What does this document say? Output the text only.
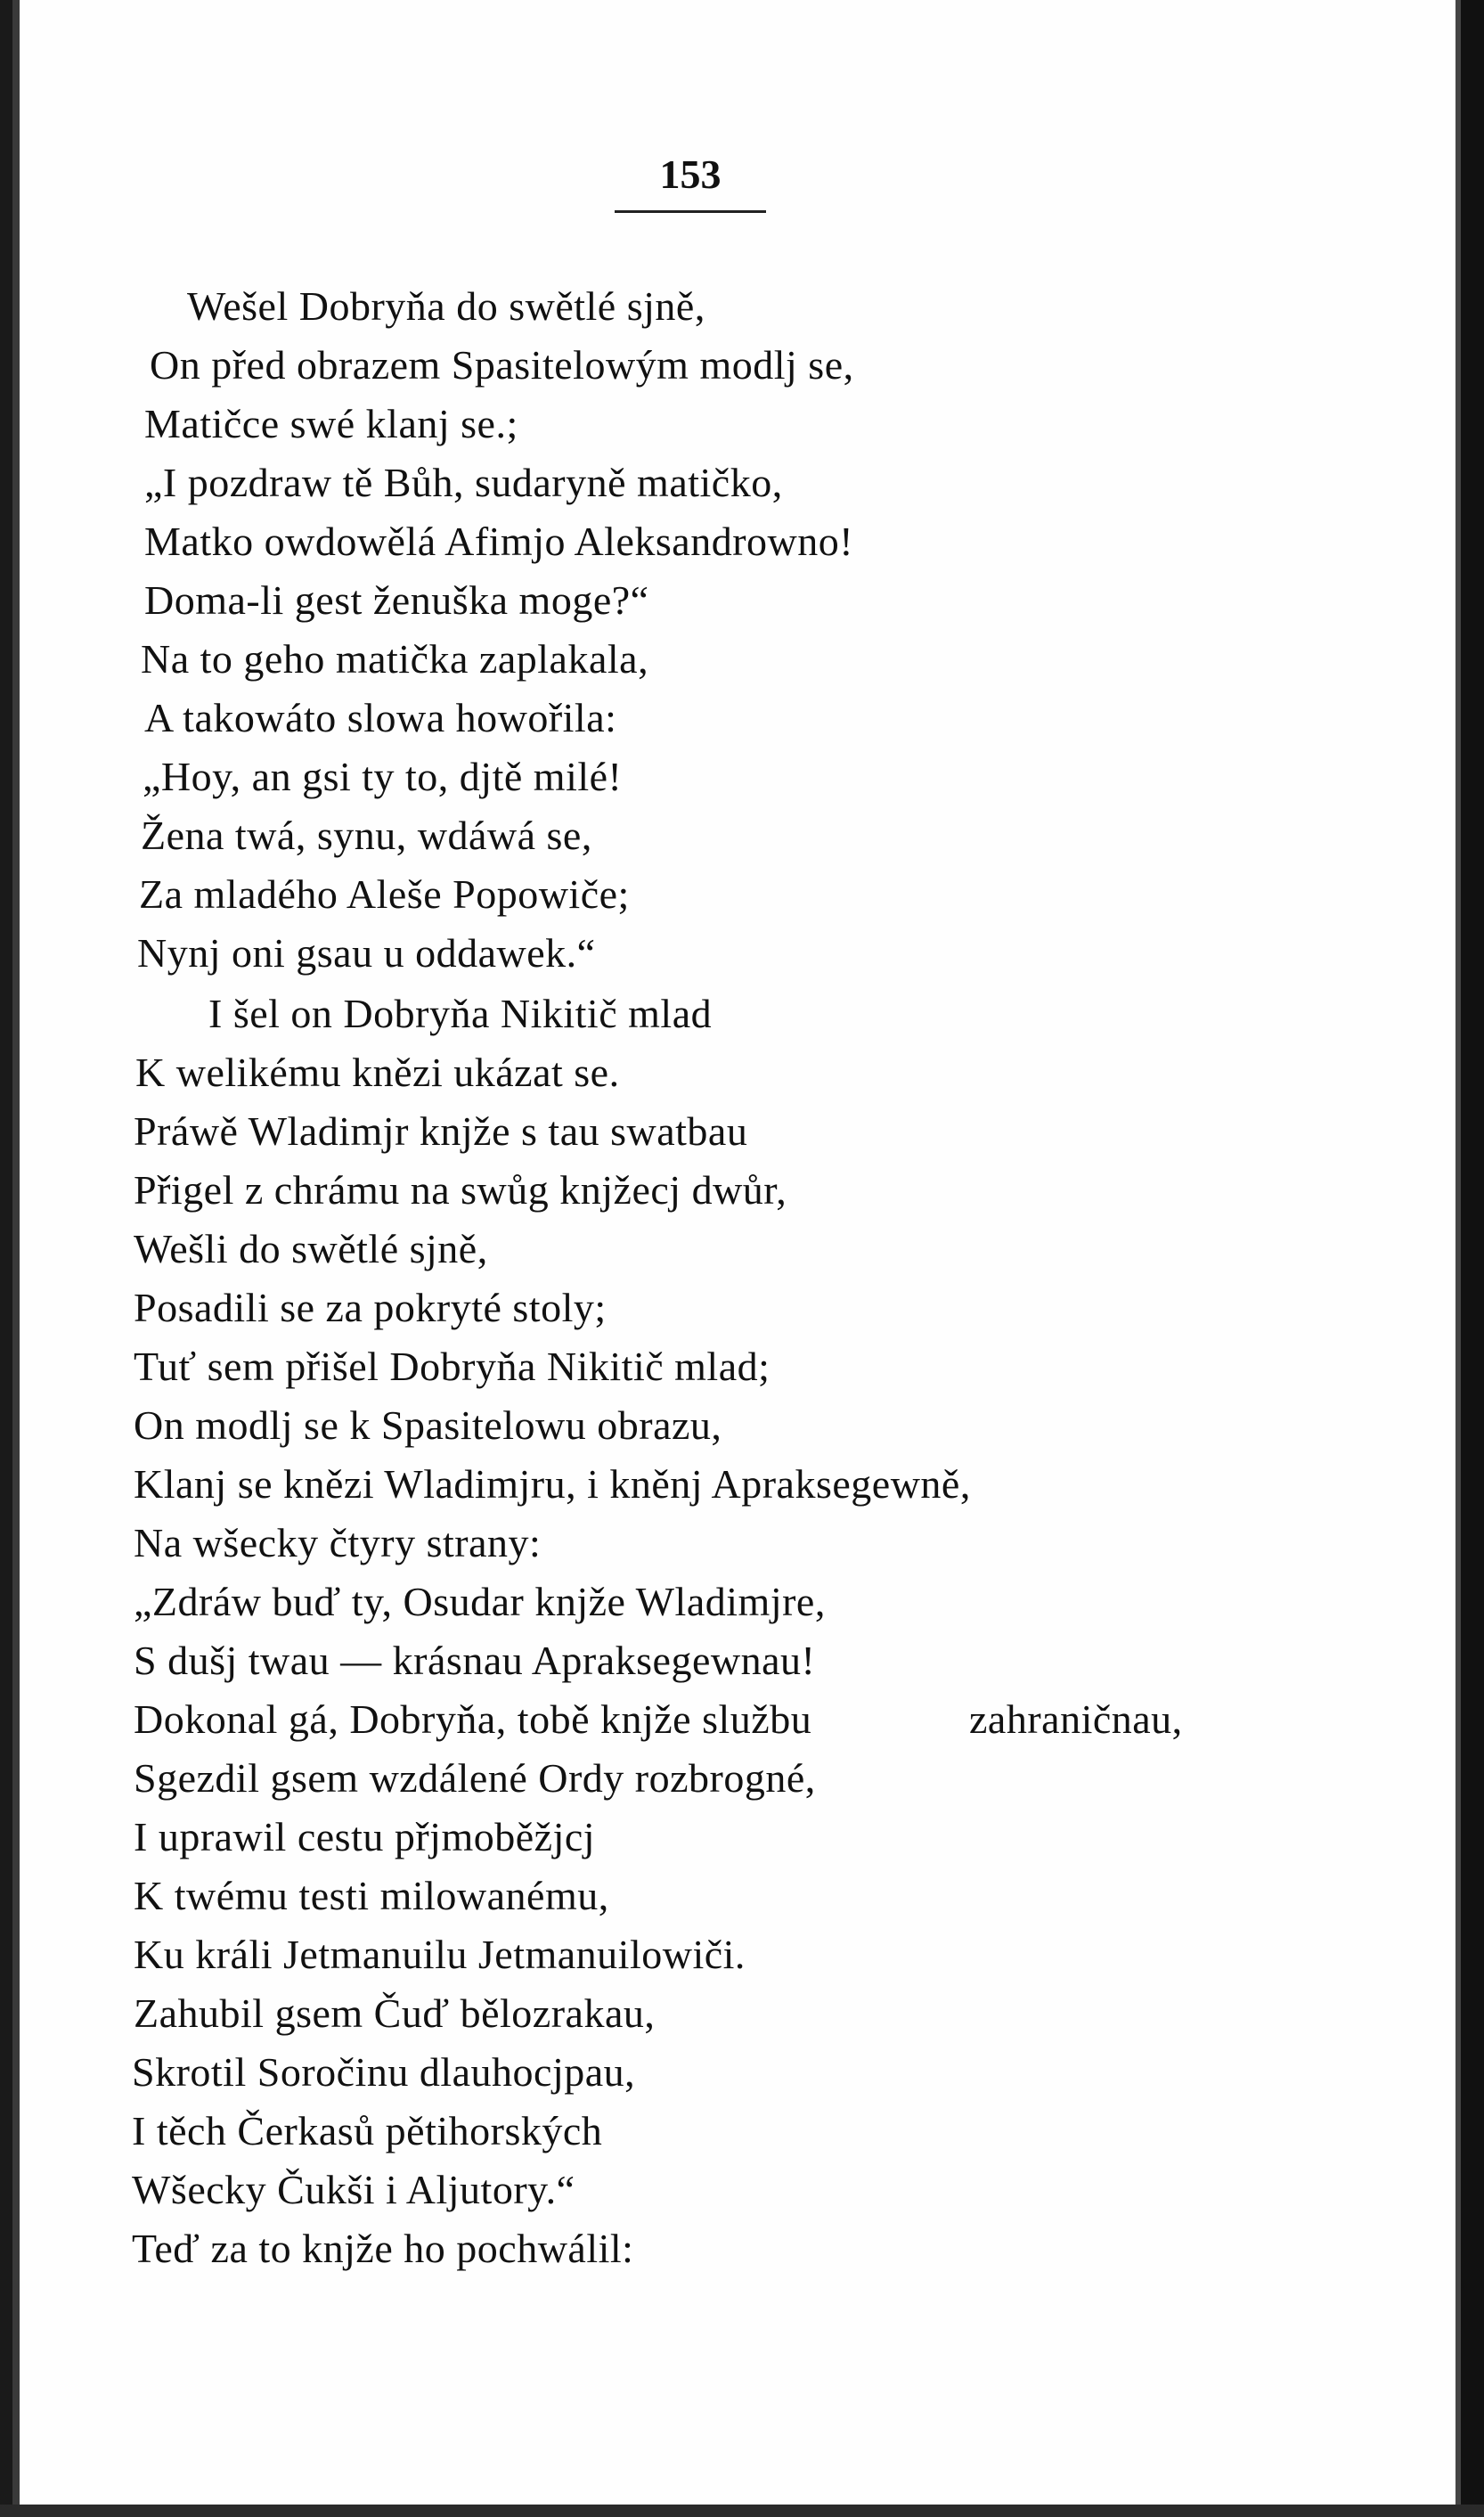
153
Wešel Dobryňa do swětlé sjně,
On před obrazem Spasitelowým modlj se,
Matičce swé klanj se.;
„I pozdraw tě Bůh, sudaryně matičko,
Matko owdowělá Afimjo Aleksandrowno!
Doma-li gest ženuška moge?“
Na to geho matička zaplakala,
A takowáto slowa howořila:
„Hoy, an gsi ty to, djtě milé!
Žena twá, synu, wdáwá se,
Za mladého Aleše Popowiče;
Nynj oni gsau u oddawek.“
I šel on Dobryňa Nikitič mlad
K welikému knězi ukázat se.
Práwě Wladimjr knjže s tau swatbau
Přigel z chrámu na swůg knjžecj dwůr,
Wešli do swětlé sjně,
Posadili se za pokryté stoly;
Tuť sem přišel Dobryňa Nikitič mlad;
On modlj se k Spasitelowu obrazu,
Klanj se knězi Wladimjru, i kněnj Apraksegewně,
Na wšecky čtyry strany:
„Zdráw buď ty, Osudar knjže Wladimjre,
S dušj twau — krásnau Apraksegewnau!
Dokonal gá, Dobryňa, tobě knjže službu	zahraničnau,
Sgezdil gsem wzdálené Ordy rozbrogné,
I uprawil cestu přjmoběžjcj
K twému testi milowanému,
Ku králi Jetmanuilu Jetmanuilowiči.
Zahubil gsem Čuď bělozrakau,
Skrotil Soročinu dlauhocjpau,
I těch Čerkasů pětihorských
Wšecky Čukši i Aljutory.“
Teď za to knjže ho pochwálil:
